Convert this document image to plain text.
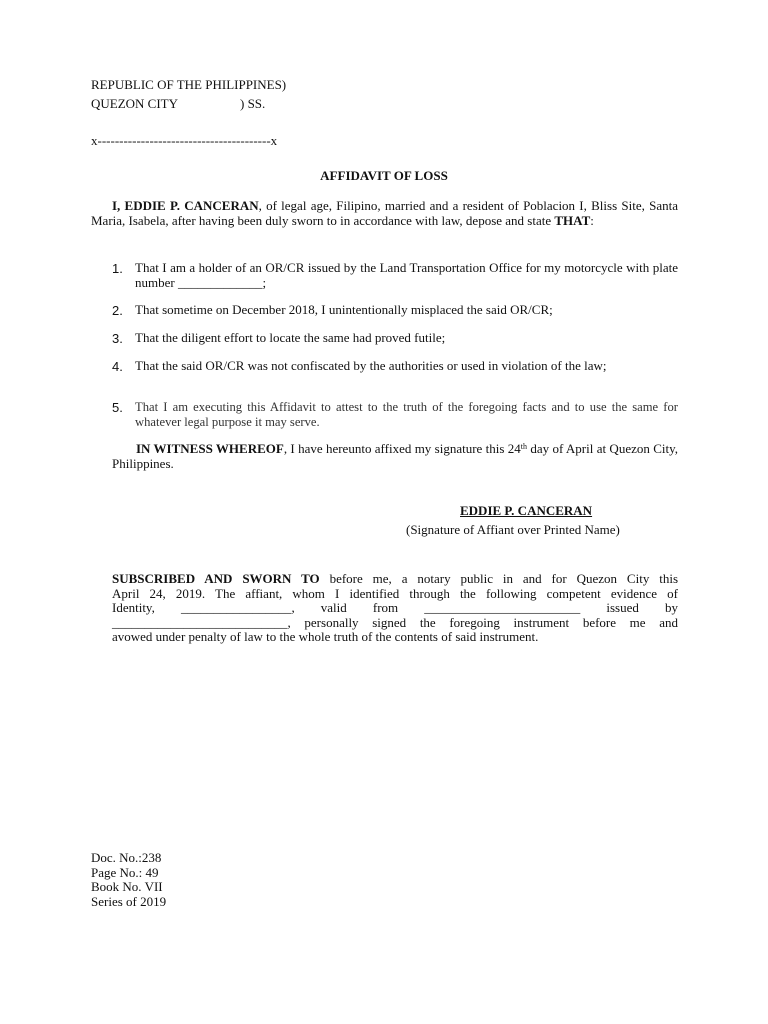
REPUBLIC OF THE PHILIPPINES)
QUEZON CITY	) SS.
x----------------------------------------x
AFFIDAVIT OF LOSS
I, EDDIE P. CANCERAN, of legal age, Filipino, married and a resident of Poblacion I, Bliss Site, Santa Maria, Isabela, after having been duly sworn to in accordance with law, depose and state THAT:
1. That I am a holder of an OR/CR issued by the Land Transportation Office for my motorcycle with plate number _____________;
2. That sometime on December 2018, I unintentionally misplaced the said OR/CR;
3. That the diligent effort to locate the same had proved futile;
4. That the said OR/CR was not confiscated by the authorities or used in violation of the law;
5. That I am executing this Affidavit to attest to the truth of the foregoing facts and to use the same for whatever legal purpose it may serve.
IN WITNESS WHEREOF, I have hereunto affixed my signature this 24th day of April at Quezon City, Philippines.
EDDIE P. CANCERAN
(Signature of Affiant over Printed Name)
SUBSCRIBED AND SWORN TO before me, a notary public in and for Quezon City this
April 24, 2019. The affiant, whom I identified through the following competent evidence of
Identity, _________________, valid from ________________________ issued by
___________________________, personally signed the foregoing instrument before me and
avowed under penalty of law to the whole truth of the contents of said instrument.
Doc. No.:238
Page No.: 49
Book No. VII
Series of 2019
